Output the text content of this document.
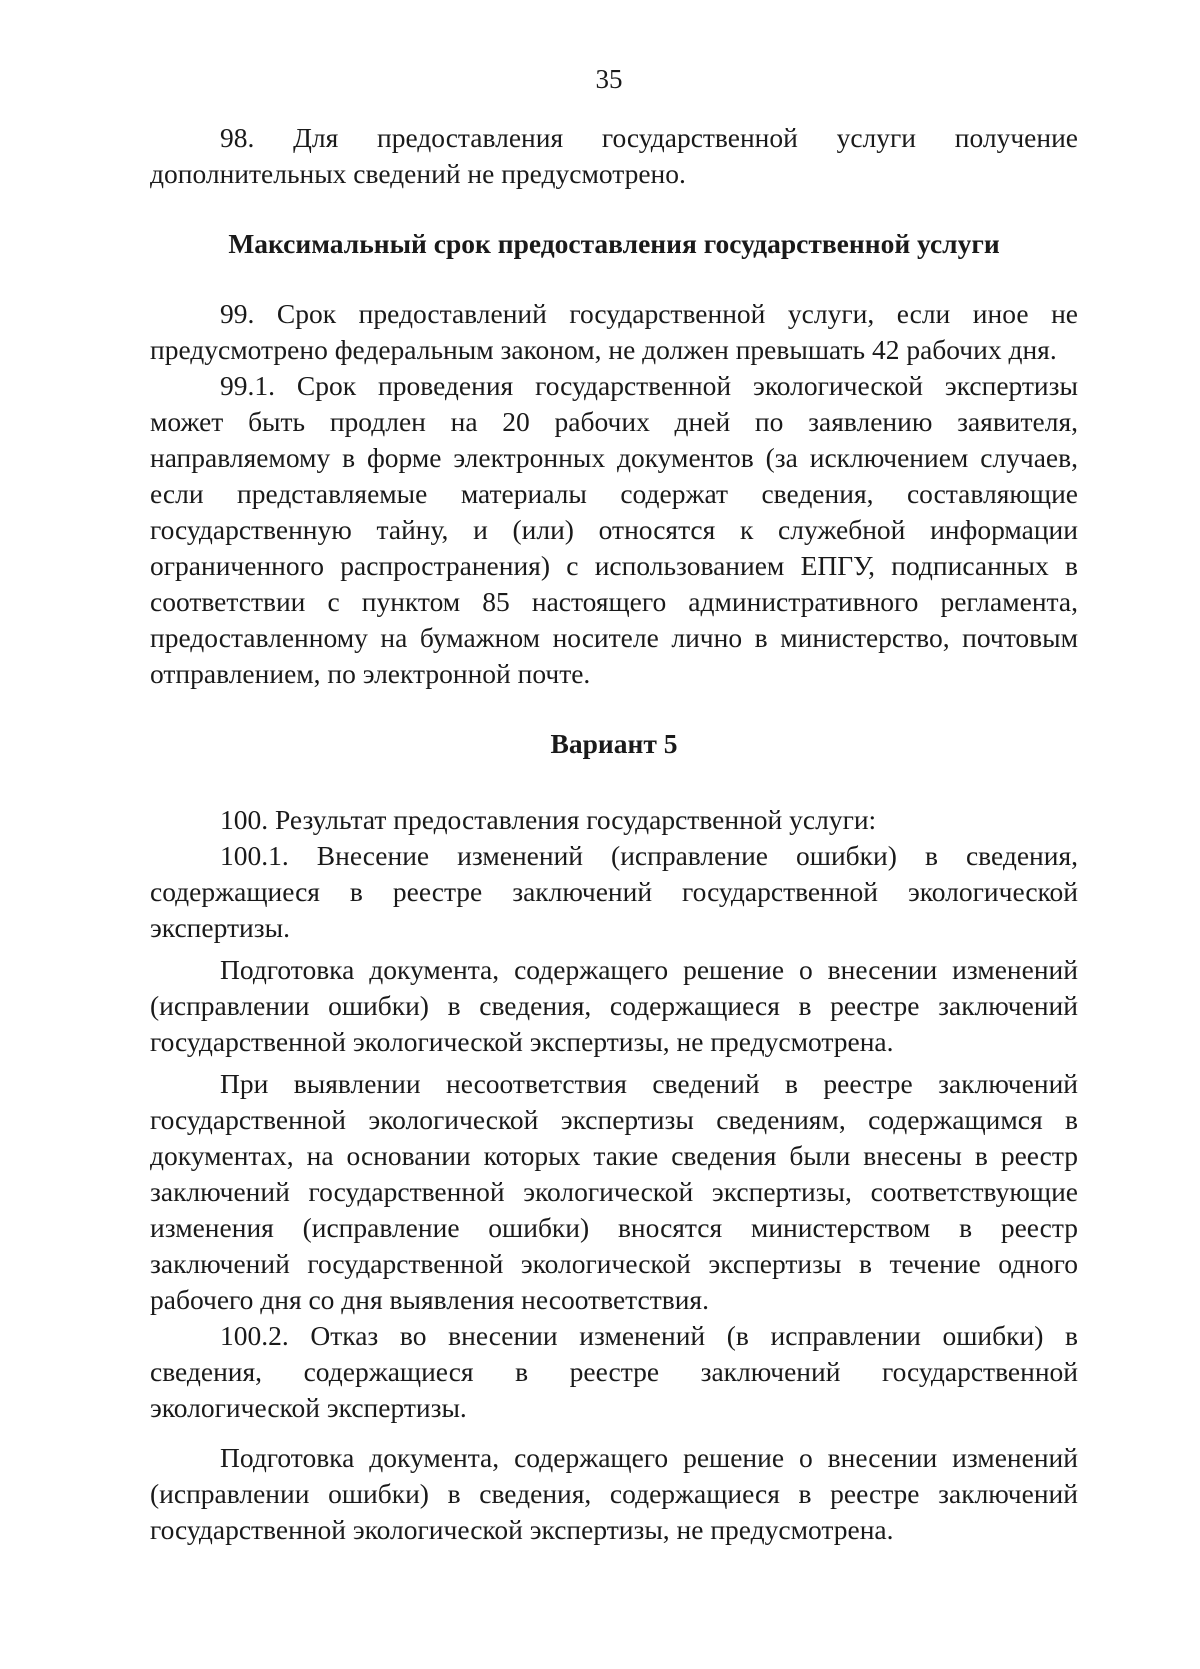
35

98. Для предоставления государственной услуги получение дополнительных сведений не предусмотрено.

Максимальный срок предоставления государственной услуги

99. Срок предоставлений государственной услуги, если иное не предусмотрено федеральным законом, не должен превышать 42 рабочих дня.

99.1. Срок проведения государственной экологической экспертизы может быть продлен на 20 рабочих дней по заявлению заявителя, направляемому в форме электронных документов (за исключением случаев, если представляемые материалы содержат сведения, составляющие государственную тайну, и (или) относятся к служебной информации ограниченного распространения) с использованием ЕПГУ, подписанных в соответствии с пунктом 85 настоящего административного регламента, предоставленному на бумажном носителе лично в министерство, почтовым отправлением, по электронной почте.

Вариант 5

100. Результат предоставления государственной услуги:

100.1. Внесение изменений (исправление ошибки) в сведения, содержащиеся в реестре заключений государственной экологической экспертизы.

Подготовка документа, содержащего решение о внесении изменений (исправлении ошибки) в сведения, содержащиеся в реестре заключений государственной экологической экспертизы, не предусмотрена.

При выявлении несоответствия сведений в реестре заключений государственной экологической экспертизы сведениям, содержащимся в документах, на основании которых такие сведения были внесены в реестр заключений государственной экологической экспертизы, соответствующие изменения (исправление ошибки) вносятся министерством в реестр заключений государственной экологической экспертизы в течение одного рабочего дня со дня выявления несоответствия.

100.2. Отказ во внесении изменений (в исправлении ошибки) в сведения, содержащиеся в реестре заключений государственной экологической экспертизы.

Подготовка документа, содержащего решение о внесении изменений (исправлении ошибки) в сведения, содержащиеся в реестре заключений государственной экологической экспертизы, не предусмотрена.
